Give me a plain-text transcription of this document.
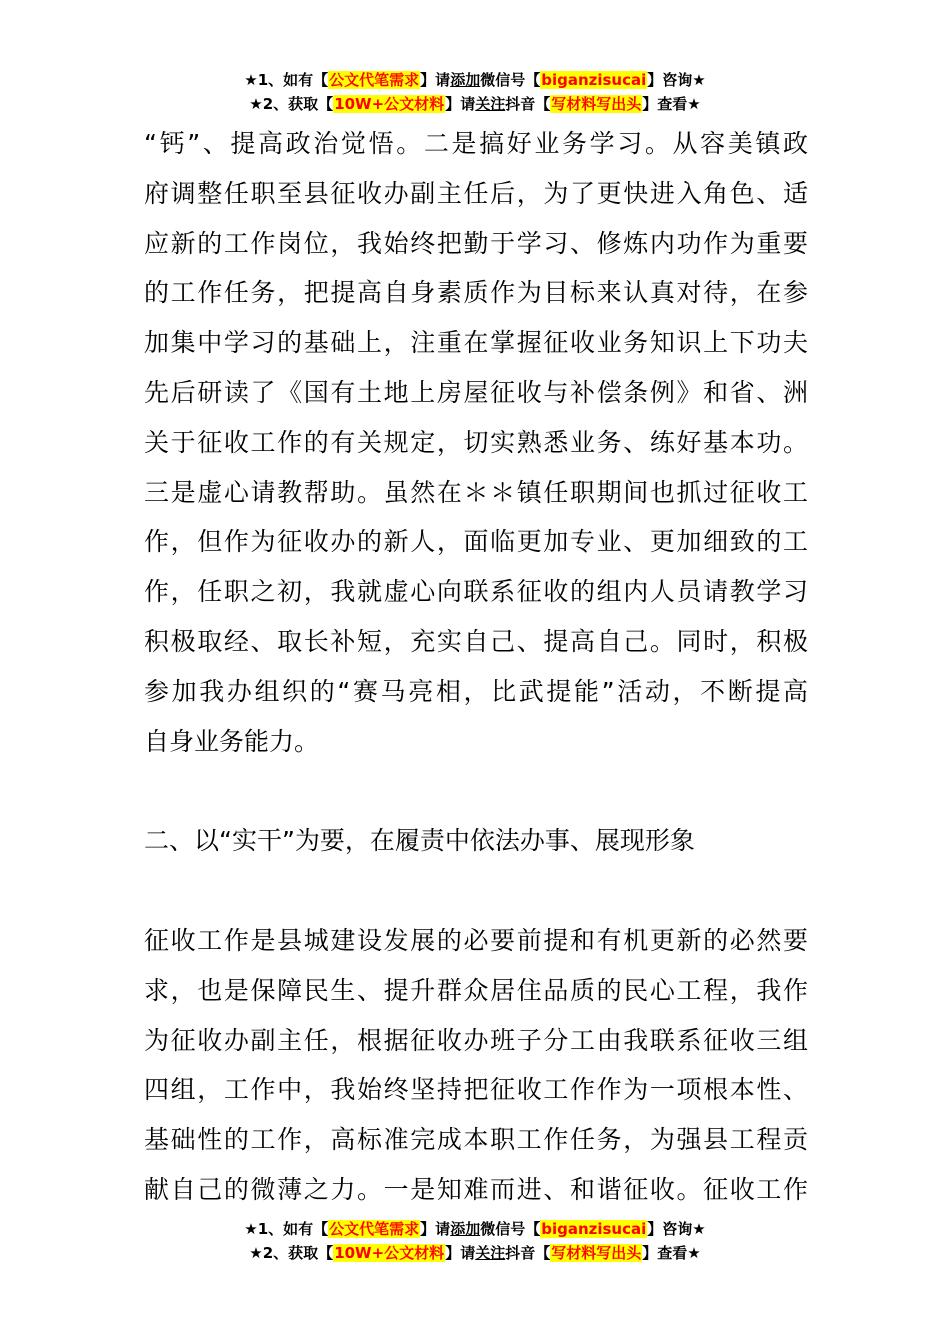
★1、如有【公文代笔需求】请添加微信号【biganzisucai】咨询★
★2、获取【10W+公文材料】请关注抖音【写材料写出头】查看★
“钙”、提高政治觉悟。二是搞好业务学习。从容美镇政
府调整任职至县征收办副主任后，为了更快进入角色、适
应新的工作岗位，我始终把勤于学习、修炼内功作为重要
的工作任务，把提高自身素质作为目标来认真对待，在参
加集中学习的基础上，注重在掌握征收业务知识上下功夫
先后研读了《国有土地上房屋征收与补偿条例》和省、洲
关于征收工作的有关规定，切实熟悉业务、练好基本功。
三是虚心请教帮助。虽然在＊＊镇任职期间也抓过征收工
作，但作为征收办的新人，面临更加专业、更加细致的工
作，任职之初，我就虚心向联系征收的组内人员请教学习
积极取经、取长补短，充实自己、提高自己。同时，积极
参加我办组织的“赛马亮相，比武提能”活动，不断提高
自身业务能力。
二、以“实干”为要，在履责中依法办事、展现形象
征收工作是县城建设发展的必要前提和有机更新的必然要
求，也是保障民生、提升群众居住品质的民心工程，我作
为征收办副主任，根据征收办班子分工由我联系征收三组
四组，工作中，我始终坚持把征收工作作为一项根本性、
基础性的工作，高标准完成本职工作任务，为强县工程贡
献自己的微薄之力。一是知难而进、和谐征收。征收工作
★1、如有【公文代笔需求】请添加微信号【biganzisucai】咨询★
★2、获取【10W+公文材料】请关注抖音【写材料写出头】查看★
